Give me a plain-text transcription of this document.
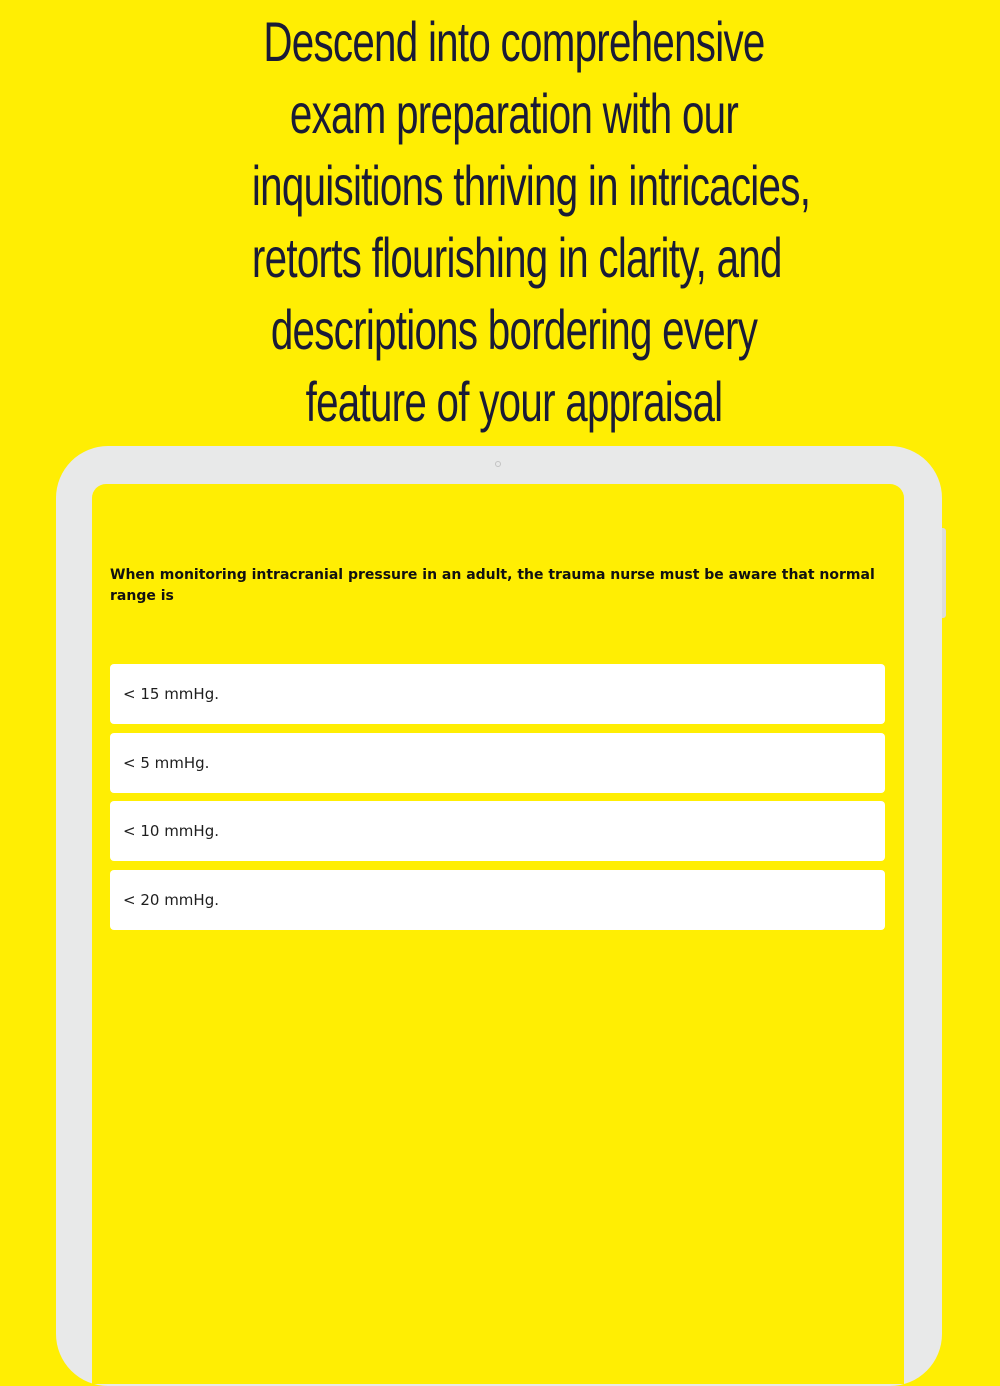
Descend into comprehensive
exam preparation with our
inquisitions thriving in intricacies,
retorts flourishing in clarity, and
descriptions bordering every
feature of your appraisal

When monitoring intracranial pressure in an adult, the trauma nurse must be aware that normal range is

< 15 mmHg.
< 5 mmHg.
< 10 mmHg.
< 20 mmHg.
